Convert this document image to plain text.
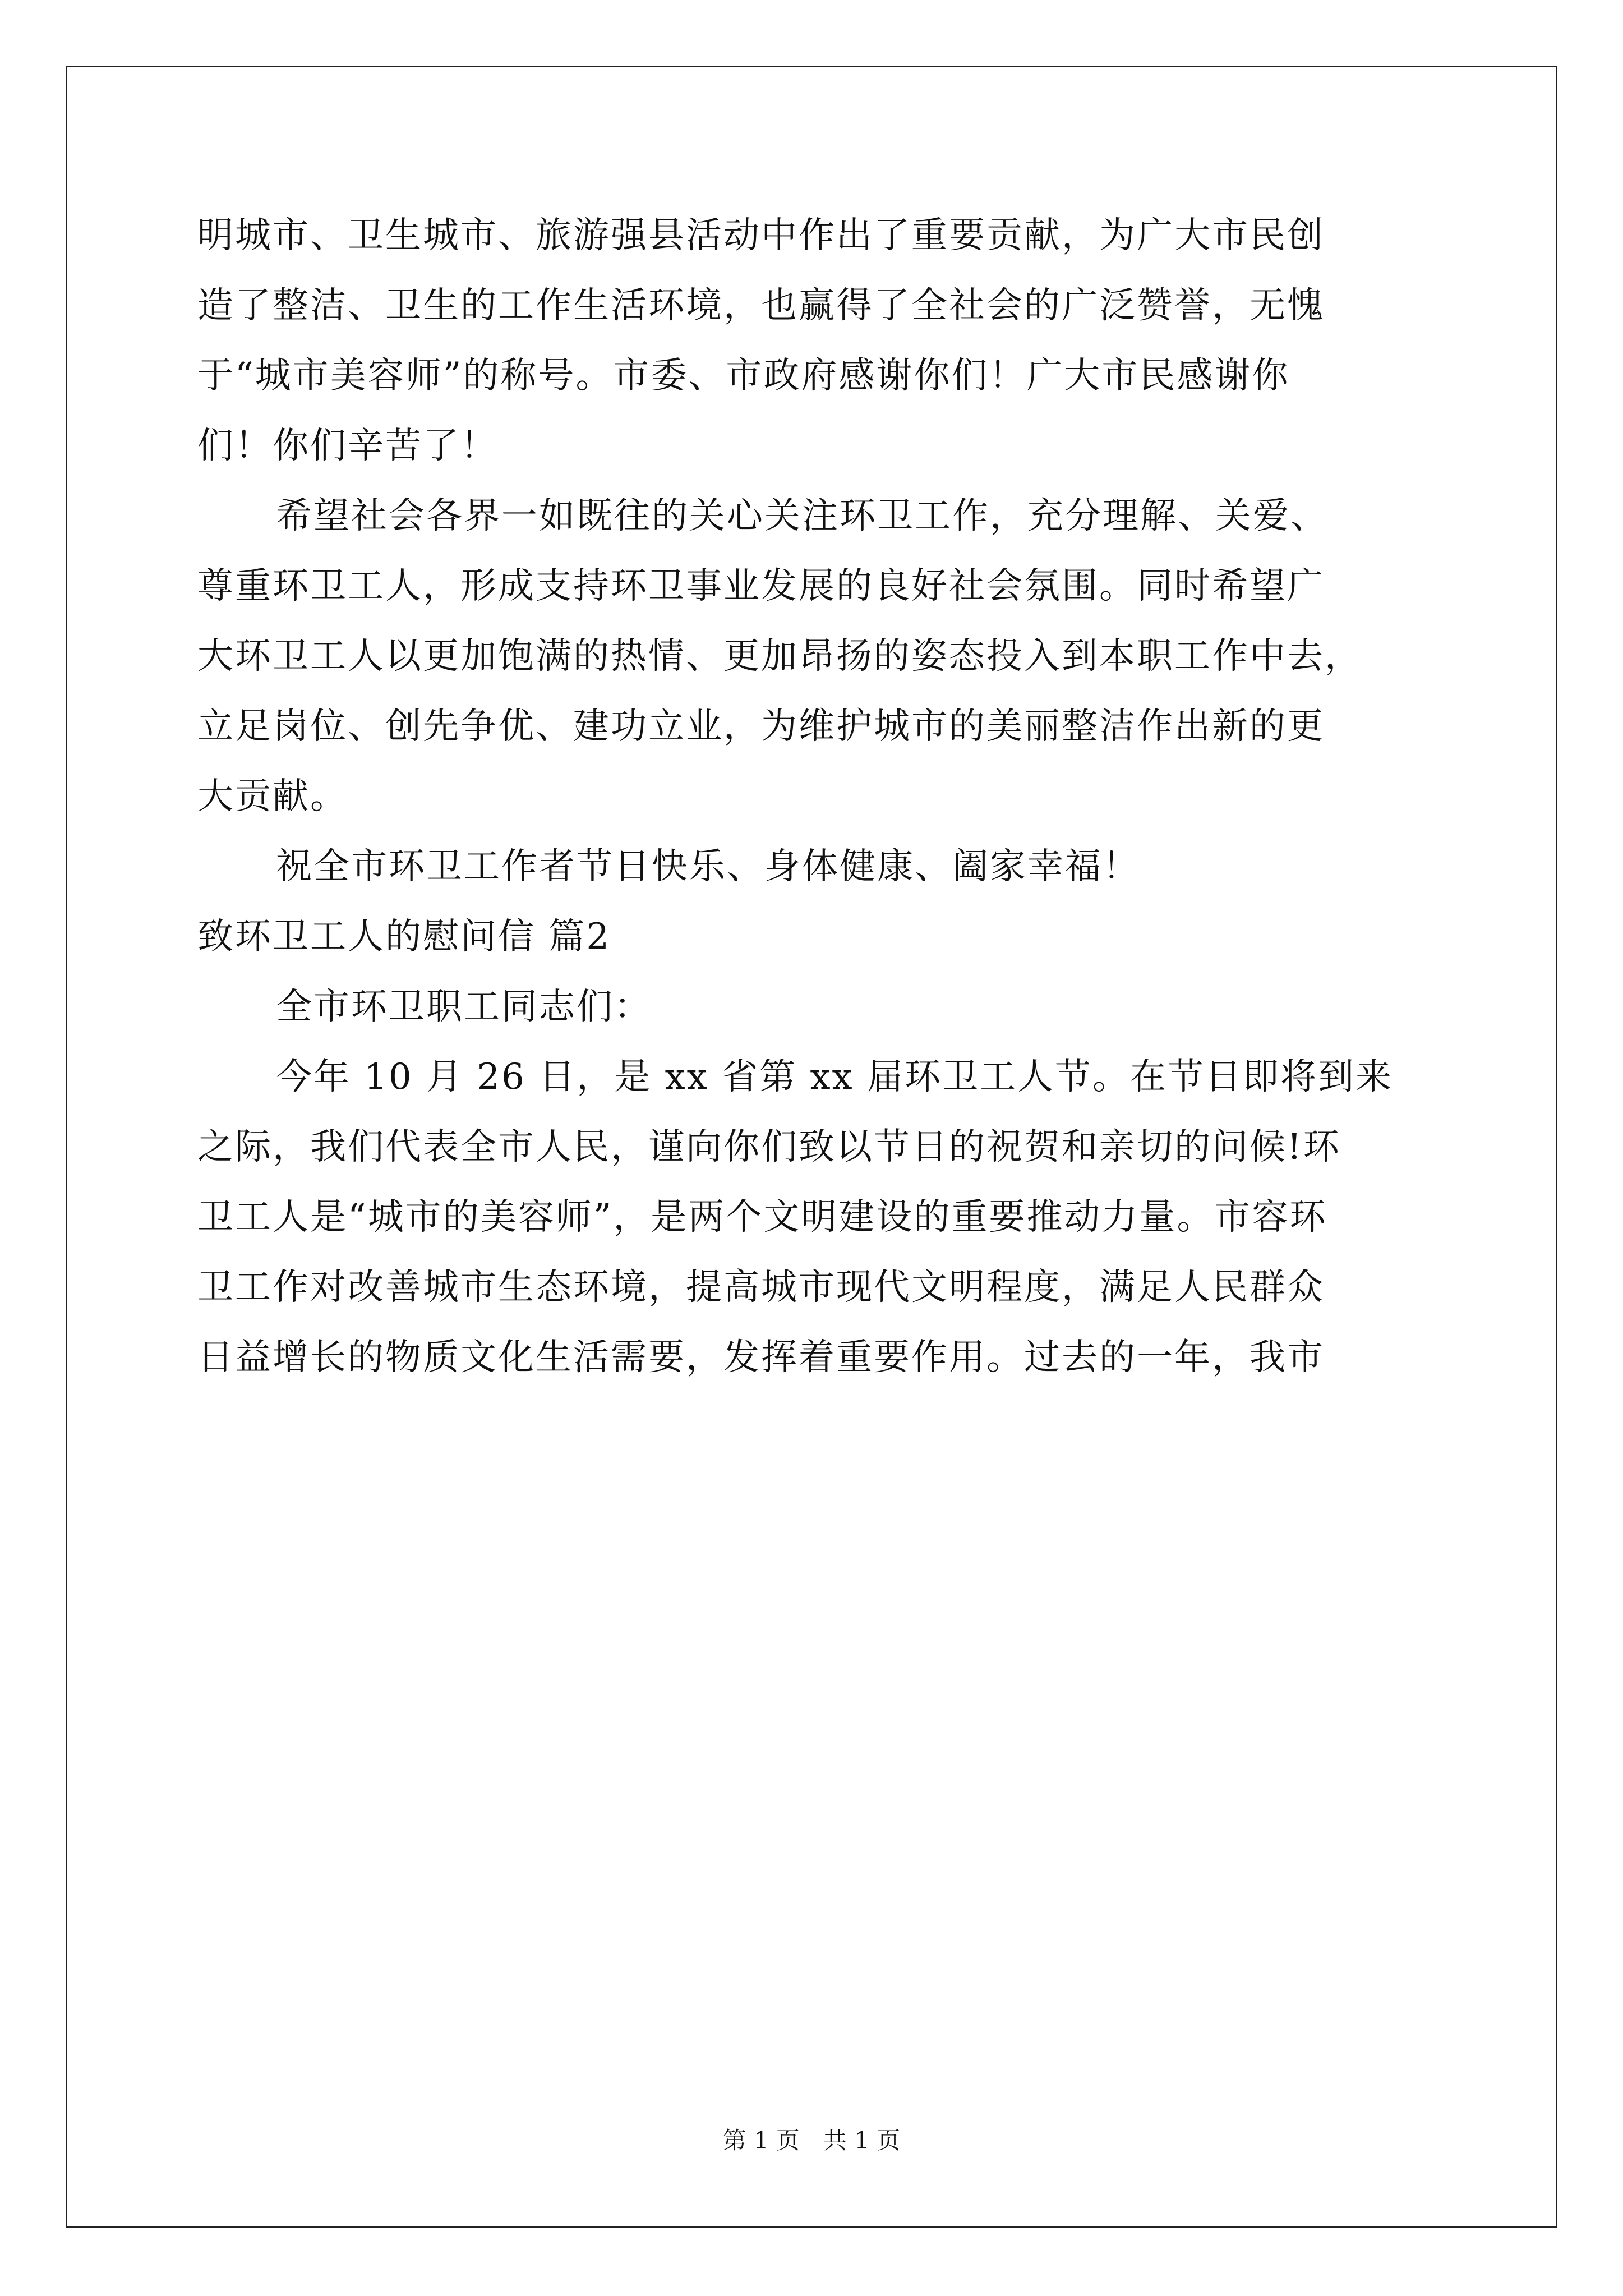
明城市、卫生城市、旅游强县活动中作出了重要贡献，为广大市民创
造了整洁、卫生的工作生活环境，也赢得了全社会的广泛赞誉，无愧
于“城市美容师”的称号。市委、市政府感谢你们！广大市民感谢你
们！你们辛苦了！
希望社会各界一如既往的关心关注环卫工作，充分理解、关爱、
尊重环卫工人，形成支持环卫事业发展的良好社会氛围。同时希望广
大环卫工人以更加饱满的热情、更加昂扬的姿态投入到本职工作中去，
立足岗位、创先争优、建功立业，为维护城市的美丽整洁作出新的更
大贡献。
祝全市环卫工作者节日快乐、身体健康、阖家幸福！
致环卫工人的慰问信 篇2
全市环卫职工同志们：
今年 10 月 26 日，是 xx 省第 xx 届环卫工人节。在节日即将到来
之际，我们代表全市人民，谨向你们致以节日的祝贺和亲切的问候!环
卫工人是“城市的美容师”，是两个文明建设的重要推动力量。市容环
卫工作对改善城市生态环境，提高城市现代文明程度，满足人民群众
日益增长的物质文化生活需要，发挥着重要作用。过去的一年，我市
第 1 页　共 1 页
